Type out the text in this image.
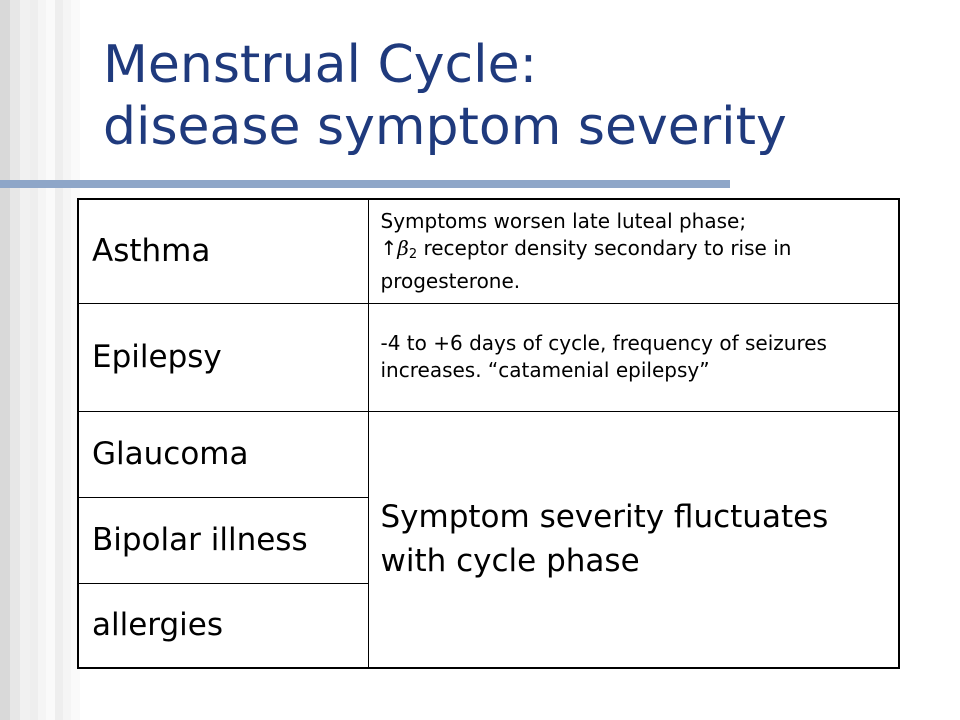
Menstrual Cycle:
disease symptom severity
Asthma	Symptoms worsen late luteal phase;
$↑\beta_2$ receptor density secondary to rise in progesterone.
Epilepsy	-4 to +6 days of cycle, frequency of seizures increases. “catamenial epilepsy”
Glaucoma	Symptom severity fluctuates with cycle phase
Bipolar illness	
allergies	
